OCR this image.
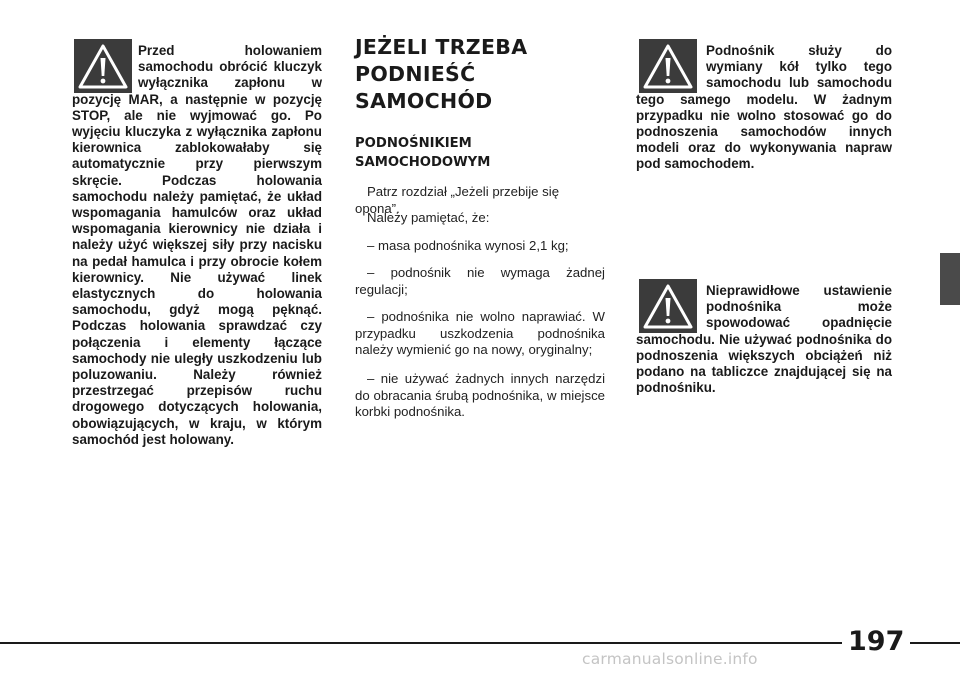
Przed holowaniem samochodu obrócić kluczyk wyłącznika zapłonu w pozycję MAR, a następnie w pozycję STOP, ale nie wyjmować go. Po wyjęciu kluczyka z wyłącznika zapłonu kierownica zablokowałaby się automatycznie przy pierwszym skręcie. Podczas holowania samochodu należy pamiętać, że układ wspomagania hamulców oraz układ wspomagania kierownicy nie działa i należy użyć większej siły przy nacisku na pedał hamulca i przy obrocie kołem kierownicy. Nie używać linek elastycznych do holowania samochodu, gdyż mogą pęknąć. Podczas holowania sprawdzać czy połączenia i elementy łączące samochody nie uległy uszkodzeniu lub poluzowaniu. Należy również przestrzegać przepisów ruchu drogowego dotyczących holowania, obowiązujących, w kraju, w którym samochód jest holowany.

JEŻELI TRZEBA
PODNIEŚĆ
SAMOCHÓD
PODNOŚNIKIEM
SAMOCHODOWYM

Patrz rozdział „Jeżeli przebije się opona”.

Należy pamiętać, że:

– masa podnośnika wynosi 2,1 kg;

– podnośnik nie wymaga żadnej regulacji;

– podnośnika nie wolno naprawiać. W przypadku uszkodzenia podnośnika należy wymienić go na nowy, oryginalny;

– nie używać żadnych innych narzędzi do obracania śrubą podnośnika, w miejsce korbki podnośnika.

Podnośnik służy do wymiany kół tylko tego samochodu lub samochodu tego samego modelu. W żadnym przypadku nie wolno stosować go do podnoszenia samochodów innych modeli oraz do wykonywania napraw pod samochodem.

Nieprawidłowe ustawienie podnośnika może spowodować opadnięcie samochodu. Nie używać podnośnika do podnoszenia większych obciążeń niż podano na tabliczce znajdującej się na podnośniku.

197
carmanualsonline.info
